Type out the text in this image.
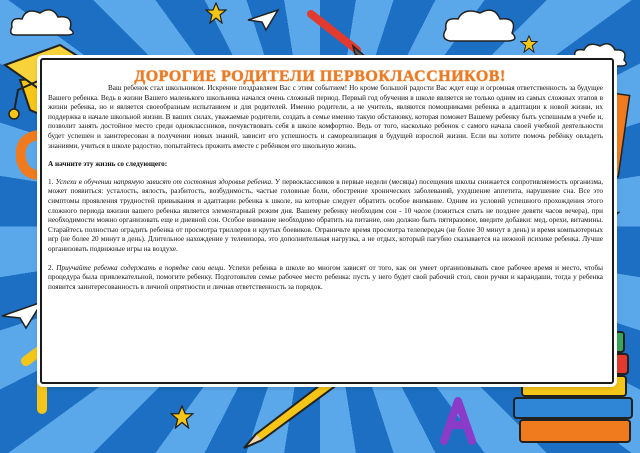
ДОРОГИЕ РОДИТЕЛИ ПЕРВОКЛАССНИКОВ!

Ваш ребенок стал школьником. Искренне поздравляем Вас с этим событием! Но кроме большой радости Вас ждет еще и огромная ответственность за будущее Вашего ребенка. Ведь в жизни Вашего маленького школьника начался очень сложный период. Первый год обучения в школе является не только одним из самых сложных этапов в жизни ребенка, но и является своеобразным испытанием и для родителей. Именно родители, а не учитель, являются помощниками ребенка в адаптации к новой жизни, их поддержка в начале школьной жизни. В ваших силах, уважаемые родители, создать в семье именно такую обстановку, которая поможет Вашему ребенку быть успешным в учебе и, позволит занять достойное место среди одноклассников, почувствовать себя в школе комфортно. Ведь от того, насколько ребенок с самого начала своей учебной деятельности будет успешен и заинтересован в получении новых знаний, зависит его успешность и самореализация в будущей взрослой жизни. Если вы хотите помочь ребёнку овладеть знаниями, учиться в школе радостно, попытайтесь прожить вместе с ребёнком его школьную жизнь.

А начните эту жизнь со следующего:

1. Успехи в обучении напрямую зависят от состояния здоровья ребенка. У первоклассников в первые недели (месяцы) посещения школы снижается сопротивляемость организма, может появиться: усталость, вялость, разбитость, возбудимость, частые головные боли, обострение хронических заболеваний, ухудшение аппетита, нарушение сна. Все это симптомы проявления трудностей привыкания и адаптации ребенка к школе, на которые следует обратить особое внимание. Одним из условий успешного прохождения этого сложного периода вжизни вашего ребенка является элементарный режим дня. Вашему ребенку необходим сон - 10 часов (ложиться спать не позднее девяти часов вечера), при необходимости можно организовать еще и дневной сон. Особое внимание необходимо обратить на питание, оно должно быть пятиразовое, введите добавки: мед, орехи, витамины. Старайтесь полностью оградить ребенка от просмотра триллеров и крутых боевиков. Ограничьте время просмотра телепередач (не более 30 минут в день) и время компьютерных игр (не более 20 минут в день). Длительное нахождение у телевизора, это дополнительная нагрузка, а не отдых, который пагубно сказывается на нежной психике ребенка. Лучше организовать подвижные игры на воздухе.

2. Приучайте ребенка содержать в порядке свои вещи. Успехи ребенка в школе во многом зависят от того, как он умеет организовывать свое рабочее время и место, чтобы процедура была привлекательной, помогите ребенку. Подготовьтев семье рабочее место ребенка: пусть у него будет свой рабочий стол, свои ручки и карандаши, тогда у ребенка появится заинтересованность в личной опрятности и личная ответственность за порядок.
